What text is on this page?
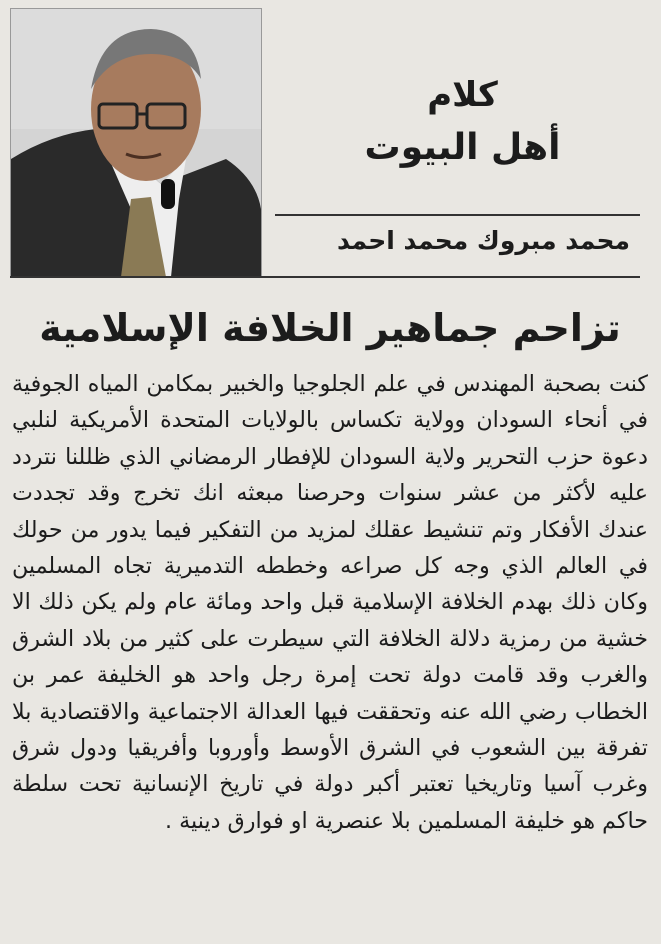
كلام
أهل البيوت
محمد مبروك محمد احمد
تزاحم جماهير الخلافة الإسلامية

كنت بصحبة المهندس في علم الجلوجيا والخبير بمكامن المياه الجوفية في أنحاء السودان وولاية تكساس بالولايات المتحدة الأمريكية لنلبي دعوة حزب التحرير ولاية السودان للإفطار الرمضاني الذي ظللنا نتردد عليه لأكثر من عشر سنوات وحرصنا مبعثه انك تخرج وقد تجددت عندك الأفكار وتم تنشيط عقلك لمزيد من التفكير فيما يدور من حولك في العالم الذي وجه كل صراعه وخططه التدميرية تجاه المسلمين وكان ذلك بهدم الخلافة الإسلامية قبل واحد ومائة عام ولم يكن ذلك الا خشية من رمزية دلالة الخلافة التي سيطرت على كثير من بلاد الشرق والغرب وقد قامت دولة تحت إمرة رجل واحد هو الخليفة عمر بن الخطاب رضي الله عنه وتحققت فيها العدالة الاجتماعية والاقتصادية بلا تفرقة بين الشعوب في الشرق الأوسط وأوروبا وأفريقيا ودول شرق وغرب آسيا وتاريخيا تعتبر أكبر دولة في تاريخ الإنسانية تحت سلطة حاكم هو خليفة المسلمين بلا عنصرية او فوارق دينية .
